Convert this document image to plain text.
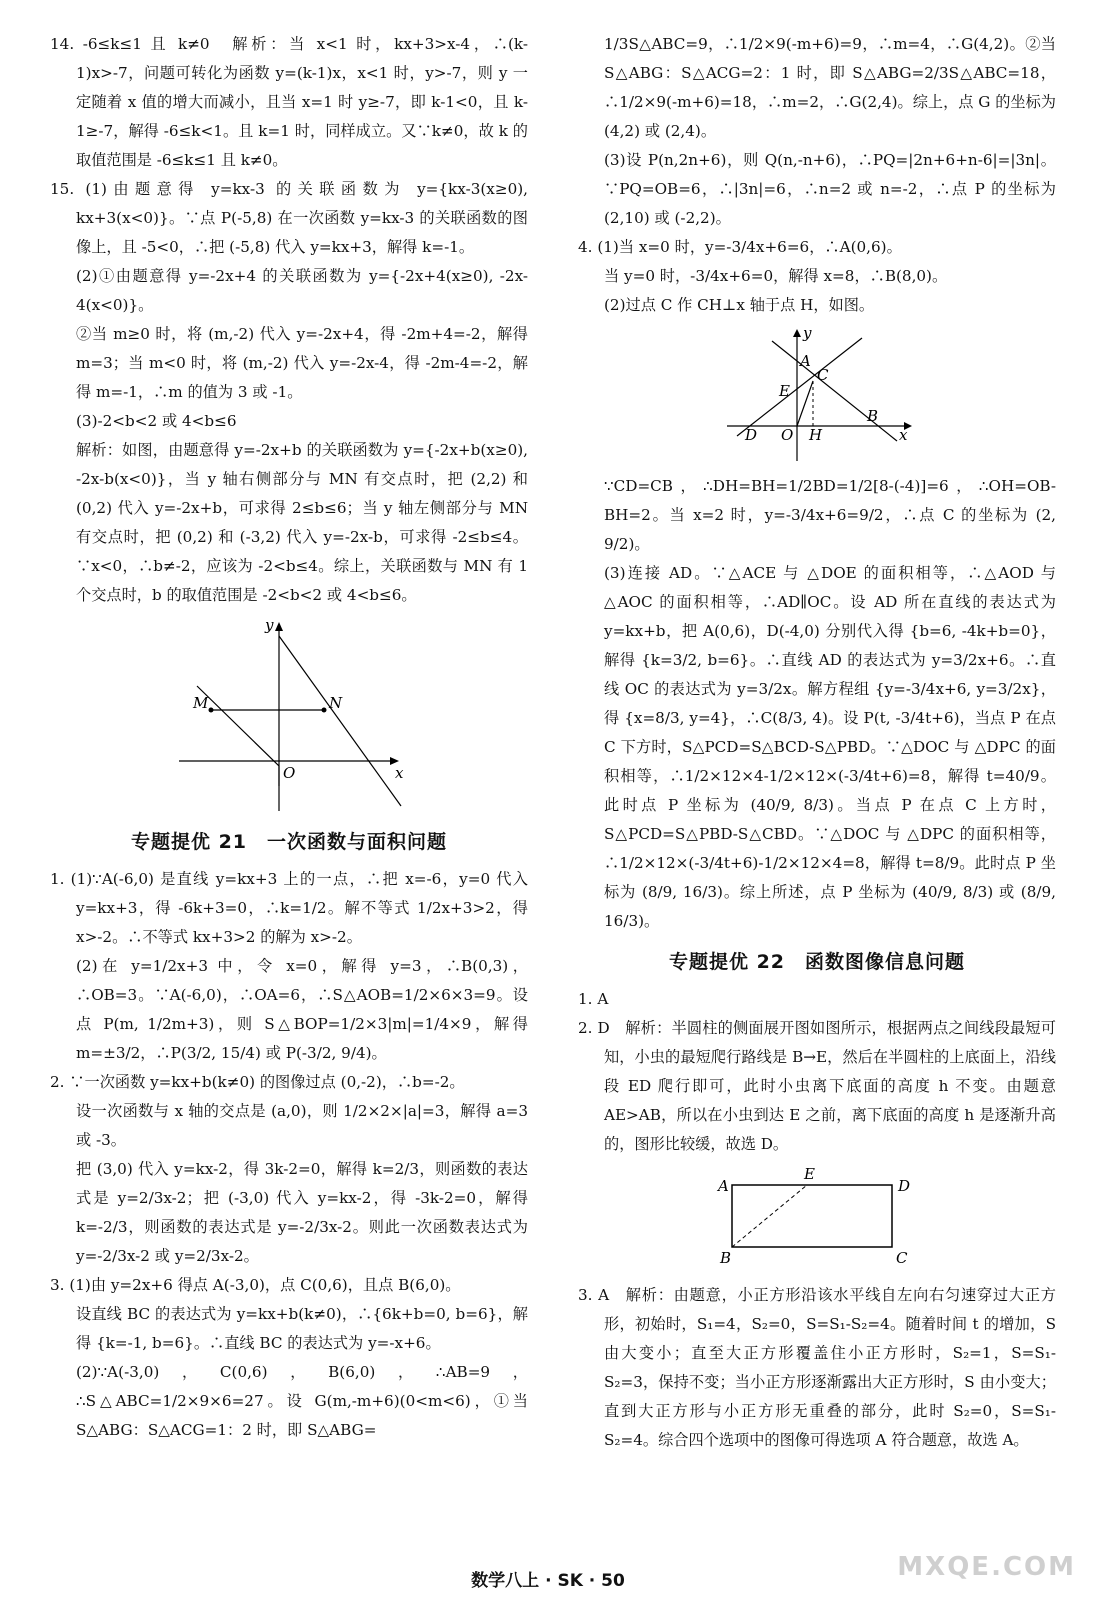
14. -6≤k≤1 且 k≠0　解析：当 x<1 时，kx+3>x-4，∴(k-1)x>-7，问题可转化为函数 y=(k-1)x，x<1 时，y>-7，则 y 一定随着 x 值的增大而减小，且当 x=1 时 y≥-7，即 k-1<0，且 k-1≥-7，解得 -6≤k<1。且 k=1 时，同样成立。又∵k≠0，故 k 的取值范围是 -6≤k≤1 且 k≠0。
15. (1)由题意得 y=kx-3 的关联函数为 y={kx-3(x≥0), kx+3(x<0)}。∵点 P(-5,8) 在一次函数 y=kx-3 的关联函数的图像上，且 -5<0，∴把 (-5,8) 代入 y=kx+3，解得 k=-1。
(2)①由题意得 y=-2x+4 的关联函数为 y={-2x+4(x≥0), -2x-4(x<0)}。
②当 m≥0 时，将 (m,-2) 代入 y=-2x+4，得 -2m+4=-2，解得 m=3；当 m<0 时，将 (m,-2) 代入 y=-2x-4，得 -2m-4=-2，解得 m=-1，∴m 的值为 3 或 -1。
(3)-2<b<2 或 4<b≤6
解析：如图，由题意得 y=-2x+b 的关联函数为 y={-2x+b(x≥0), -2x-b(x<0)}，当 y 轴右侧部分与 MN 有交点时，把 (2,2) 和 (0,2) 代入 y=-2x+b，可求得 2≤b≤6；当 y 轴左侧部分与 MN 有交点时，把 (0,2) 和 (-3,2) 代入 y=-2x-b，可求得 -2≤b≤4。∵x<0，∴b≠-2，应该为 -2<b≤4。综上，关联函数与 MN 有 1 个交点时，b 的取值范围是 -2<b<2 或 4<b≤6。
M	N
O	x
y
专题提优 21　一次函数与面积问题
1. (1)∵A(-6,0) 是直线 y=kx+3 上的一点，∴把 x=-6，y=0 代入 y=kx+3，得 -6k+3=0，∴k=1/2。解不等式 1/2x+3>2，得 x>-2。∴不等式 kx+3>2 的解为 x>-2。
(2)在 y=1/2x+3 中，令 x=0，解得 y=3，∴B(0,3)，∴OB=3。∵A(-6,0)，∴OA=6，∴S△AOB=1/2×6×3=9。设点 P(m, 1/2m+3)，则 S△BOP=1/2×3|m|=1/4×9，解得 m=±3/2，∴P(3/2, 15/4) 或 P(-3/2, 9/4)。
2. ∵一次函数 y=kx+b(k≠0) 的图像过点 (0,-2)，∴b=-2。
设一次函数与 x 轴的交点是 (a,0)，则 1/2×2×|a|=3，解得 a=3 或 -3。
把 (3,0) 代入 y=kx-2，得 3k-2=0，解得 k=2/3，则函数的表达式是 y=2/3x-2；把 (-3,0) 代入 y=kx-2，得 -3k-2=0，解得 k=-2/3，则函数的表达式是 y=-2/3x-2。则此一次函数表达式为 y=-2/3x-2 或 y=2/3x-2。
3. (1)由 y=2x+6 得点 A(-3,0)，点 C(0,6)，且点 B(6,0)。
设直线 BC 的表达式为 y=kx+b(k≠0)，∴{6k+b=0, b=6}，解得 {k=-1, b=6}。∴直线 BC 的表达式为 y=-x+6。
(2)∵A(-3,0)，C(0,6)，B(6,0)，∴AB=9，∴S△ABC=1/2×9×6=27。设 G(m,-m+6)(0<m<6)，①当 S△ABG：S△ACG=1：2 时，即 S△ABG=
1/3S△ABC=9，∴1/2×9(-m+6)=9，∴m=4，∴G(4,2)。②当 S△ABG：S△ACG=2：1 时，即 S△ABG=2/3S△ABC=18，∴1/2×9(-m+6)=18，∴m=2，∴G(2,4)。综上，点 G 的坐标为 (4,2) 或 (2,4)。
(3)设 P(n,2n+6)，则 Q(n,-n+6)，∴PQ=|2n+6+n-6|=|3n|。∵PQ=OB=6，∴|3n|=6，∴n=2 或 n=-2，∴点 P 的坐标为 (2,10) 或 (-2,2)。
4. (1)当 x=0 时，y=-3/4x+6=6，∴A(0,6)。
当 y=0 时，-3/4x+6=0，解得 x=8，∴B(8,0)。
(2)过点 C 作 CH⊥x 轴于点 H，如图。
A
B
C
D
E
O H	x
y
∵CD=CB，∴DH=BH=1/2BD=1/2[8-(-4)]=6，∴OH=OB-BH=2。当 x=2 时，y=-3/4x+6=9/2，∴点 C 的坐标为 (2, 9/2)。
(3)连接 AD。∵△ACE 与 △DOE 的面积相等，∴△AOD 与 △AOC 的面积相等，∴AD∥OC。设 AD 所在直线的表达式为 y=kx+b，把 A(0,6)，D(-4,0) 分别代入得 {b=6, -4k+b=0}，解得 {k=3/2, b=6}。∴直线 AD 的表达式为 y=3/2x+6。∴直线 OC 的表达式为 y=3/2x。解方程组 {y=-3/4x+6, y=3/2x}，得 {x=8/3, y=4}，∴C(8/3, 4)。设 P(t, -3/4t+6)，当点 P 在点 C 下方时，S△PCD=S△BCD-S△PBD。∵△DOC 与 △DPC 的面积相等，∴1/2×12×4-1/2×12×(-3/4t+6)=8，解得 t=40/9。此时点 P 坐标为 (40/9, 8/3)。当点 P 在点 C 上方时，S△PCD=S△PBD-S△CBD。∵△DOC 与 △DPC 的面积相等，∴1/2×12×(-3/4t+6)-1/2×12×4=8，解得 t=8/9。此时点 P 坐标为 (8/9, 16/3)。综上所述，点 P 坐标为 (40/9, 8/3) 或 (8/9, 16/3)。
专题提优 22　函数图像信息问题
1. A
2. D　解析：半圆柱的侧面展开图如图所示，根据两点之间线段最短可知，小虫的最短爬行路线是 B→E，然后在半圆柱的上底面上，沿线段 ED 爬行即可，此时小虫离下底面的高度 h 不变。由题意 AE>AB，所以在小虫到达 E 之前，离下底面的高度 h 是逐渐升高的，图形比较缓，故选 D。
A
B	C
D
E
3. A　解析：由题意，小正方形沿该水平线自左向右匀速穿过大正方形，初始时，S₁=4，S₂=0，S=S₁-S₂=4。随着时间 t 的增加，S 由大变小；直至大正方形覆盖住小正方形时，S₂=1，S=S₁-S₂=3，保持不变；当小正方形逐渐露出大正方形时，S 由小变大；直到大正方形与小正方形无重叠的部分，此时 S₂=0，S=S₁-S₂=4。综合四个选项中的图像可得选项 A 符合题意，故选 A。
数学八上 · SK · 50	MXQE.COM
